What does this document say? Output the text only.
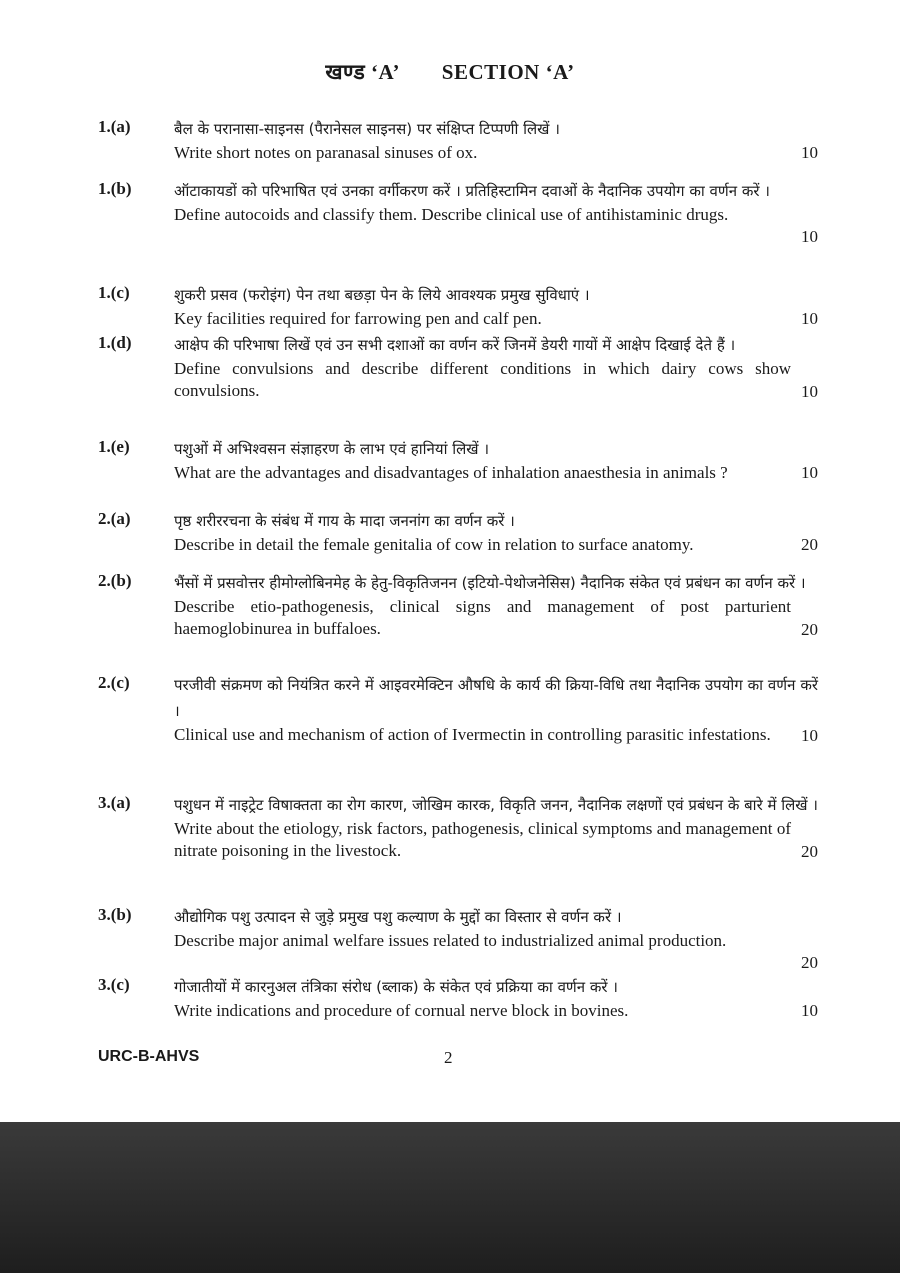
खण्ड ‘A’ SECTION ‘A’
1.(a)	बैल के परानासा-साइनस (पैरानेसल साइनस) पर संक्षिप्त टिप्पणी लिखें ।
Write short notes on paranasal sinuses of ox.	10
1.(b)	ऑटाकायडों को परिभाषित एवं उनका वर्गीकरण करें । प्रतिहिस्टामिन दवाओं के नैदानिक उपयोग का वर्णन करें ।
Define autocoids and classify them. Describe clinical use of antihistaminic drugs.
10
1.(c)	शुकरी प्रसव (फरोइंग) पेन तथा बछड़ा पेन के लिये आवश्यक प्रमुख सुविधाएं ।
Key facilities required for farrowing pen and calf pen.	10
1.(d)	आक्षेप की परिभाषा लिखें एवं उन सभी दशाओं का वर्णन करें जिनमें डेयरी गायों में आक्षेप दिखाई देते हैं ।
Define convulsions and describe different conditions in which dairy cows show convulsions.	10
1.(e)	पशुओं में अभिश्वसन संज्ञाहरण के लाभ एवं हानियां लिखें ।
What are the advantages and disadvantages of inhalation anaesthesia in animals ?	10
2.(a)	पृष्ठ शरीररचना के संबंध में गाय के मादा जननांग का वर्णन करें ।
Describe in detail the female genitalia of cow in relation to surface anatomy.	20
2.(b)	भैंसों में प्रसवोत्तर हीमोग्लोबिनमेह के हेतु-विकृतिजनन (इटियो-पेथोजनेसिस) नैदानिक संकेत एवं प्रबंधन का वर्णन करें ।
Describe etio-pathogenesis, clinical signs and management of post parturient haemoglobinurea in buffaloes.	20
2.(c)	परजीवी संक्रमण को नियंत्रित करने में आइवरमेक्टिन औषधि के कार्य की क्रिया-विधि तथा नैदानिक उपयोग का वर्णन करें ।
Clinical use and mechanism of action of Ivermectin in controlling parasitic infestations.	10
3.(a)	पशुधन में नाइट्रेट विषाक्तता का रोग कारण, जोखिम कारक, विकृति जनन, नैदानिक लक्षणों एवं प्रबंधन के बारे में लिखें ।
Write about the etiology, risk factors, pathogenesis, clinical symptoms and management of nitrate poisoning in the livestock.	20
3.(b)	औद्योगिक पशु उत्पादन से जुड़े प्रमुख पशु कल्याण के मुद्दों का विस्तार से वर्णन करें ।
Describe major animal welfare issues related to industrialized animal production.
20
3.(c)	गोजातीयों में कारनुअल तंत्रिका संरोध (ब्लाक) के संकेत एवं प्रक्रिया का वर्णन करें ।
Write indications and procedure of cornual nerve block in bovines.	10
URC-B-AHVS	2
